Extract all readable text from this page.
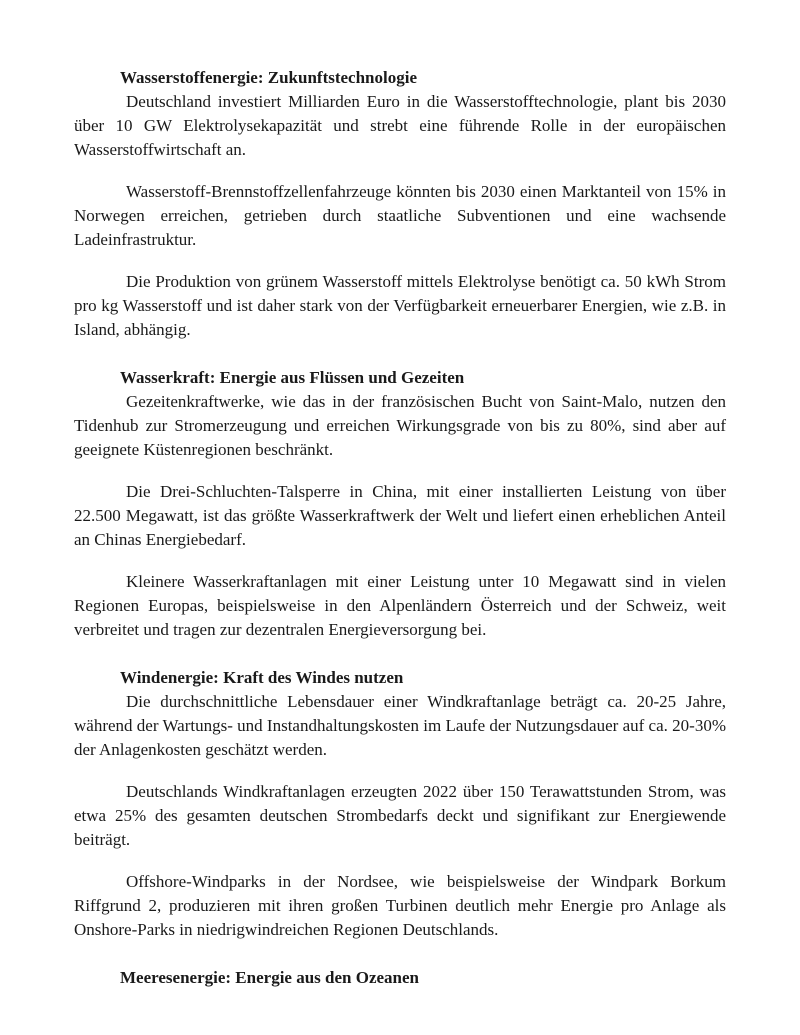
Wasserstoffenergie: Zukunftstechnologie

Deutschland investiert Milliarden Euro in die Wasserstofftechnologie, plant bis 2030 über 10 GW Elektrolysekapazität und strebt eine führende Rolle in der europäischen Wasserstoffwirtschaft an.

Wasserstoff-Brennstoffzellenfahrzeuge könnten bis 2030 einen Marktanteil von 15% in Norwegen erreichen, getrieben durch staatliche Subventionen und eine wachsende Ladeinfrastruktur.

Die Produktion von grünem Wasserstoff mittels Elektrolyse benötigt ca. 50 kWh Strom pro kg Wasserstoff und ist daher stark von der Verfügbarkeit erneuerbarer Energien, wie z.B. in Island, abhängig.

Wasserkraft: Energie aus Flüssen und Gezeiten

Gezeitenkraftwerke, wie das in der französischen Bucht von Saint-Malo, nutzen den Tidenhub zur Stromerzeugung und erreichen Wirkungsgrade von bis zu 80%, sind aber auf geeignete Küstenregionen beschränkt.

Die Drei-Schluchten-Talsperre in China, mit einer installierten Leistung von über 22.500 Megawatt, ist das größte Wasserkraftwerk der Welt und liefert einen erheblichen Anteil an Chinas Energiebedarf.

Kleinere Wasserkraftanlagen mit einer Leistung unter 10 Megawatt sind in vielen Regionen Europas, beispielsweise in den Alpenländern Österreich und der Schweiz, weit verbreitet und tragen zur dezentralen Energieversorgung bei.

Windenergie: Kraft des Windes nutzen

Die durchschnittliche Lebensdauer einer Windkraftanlage beträgt ca. 20-25 Jahre, während der Wartungs- und Instandhaltungskosten im Laufe der Nutzungsdauer auf ca. 20-30% der Anlagenkosten geschätzt werden.

Deutschlands Windkraftanlagen erzeugten 2022 über 150 Terawattstunden Strom, was etwa 25% des gesamten deutschen Strombedarfs deckt und signifikant zur Energiewende beiträgt.

Offshore-Windparks in der Nordsee, wie beispielsweise der Windpark Borkum Riffgrund 2, produzieren mit ihren großen Turbinen deutlich mehr Energie pro Anlage als Onshore-Parks in niedrigwindreichen Regionen Deutschlands.

Meeresenergie: Energie aus den Ozeanen
